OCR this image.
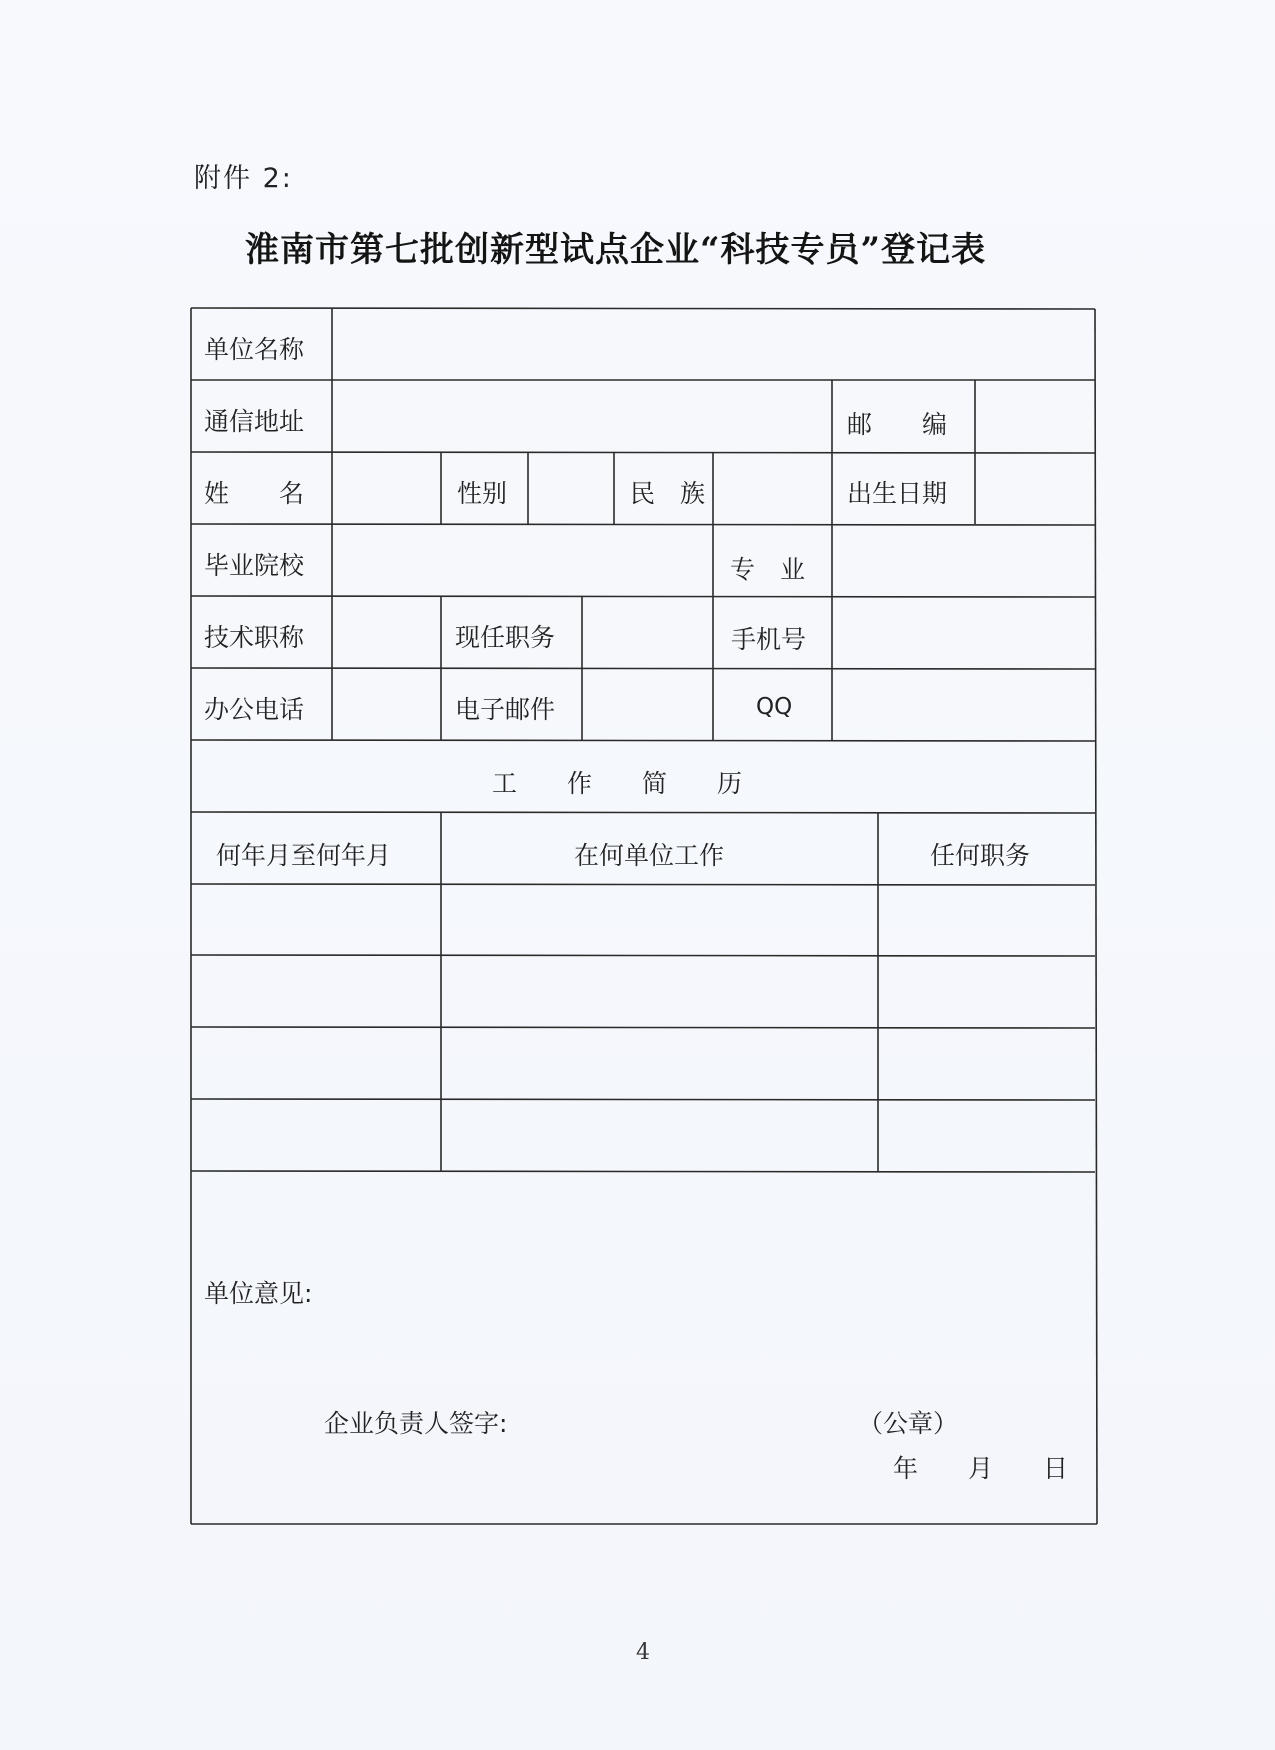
附件 2:
淮南市第七批创新型试点企业“科技专员”登记表
单位名称
通信地址	邮　　编
姓　　名	性别	民　族	出生日期
毕业院校	专　业
技术职称	现任职务	手机号
办公电话	电子邮件	QQ
工　　作　　简　　历
何年月至何年月	在何单位工作	任何职务
单位意见:
企业负责人签字:	（公章）
年　　月　　日
4
